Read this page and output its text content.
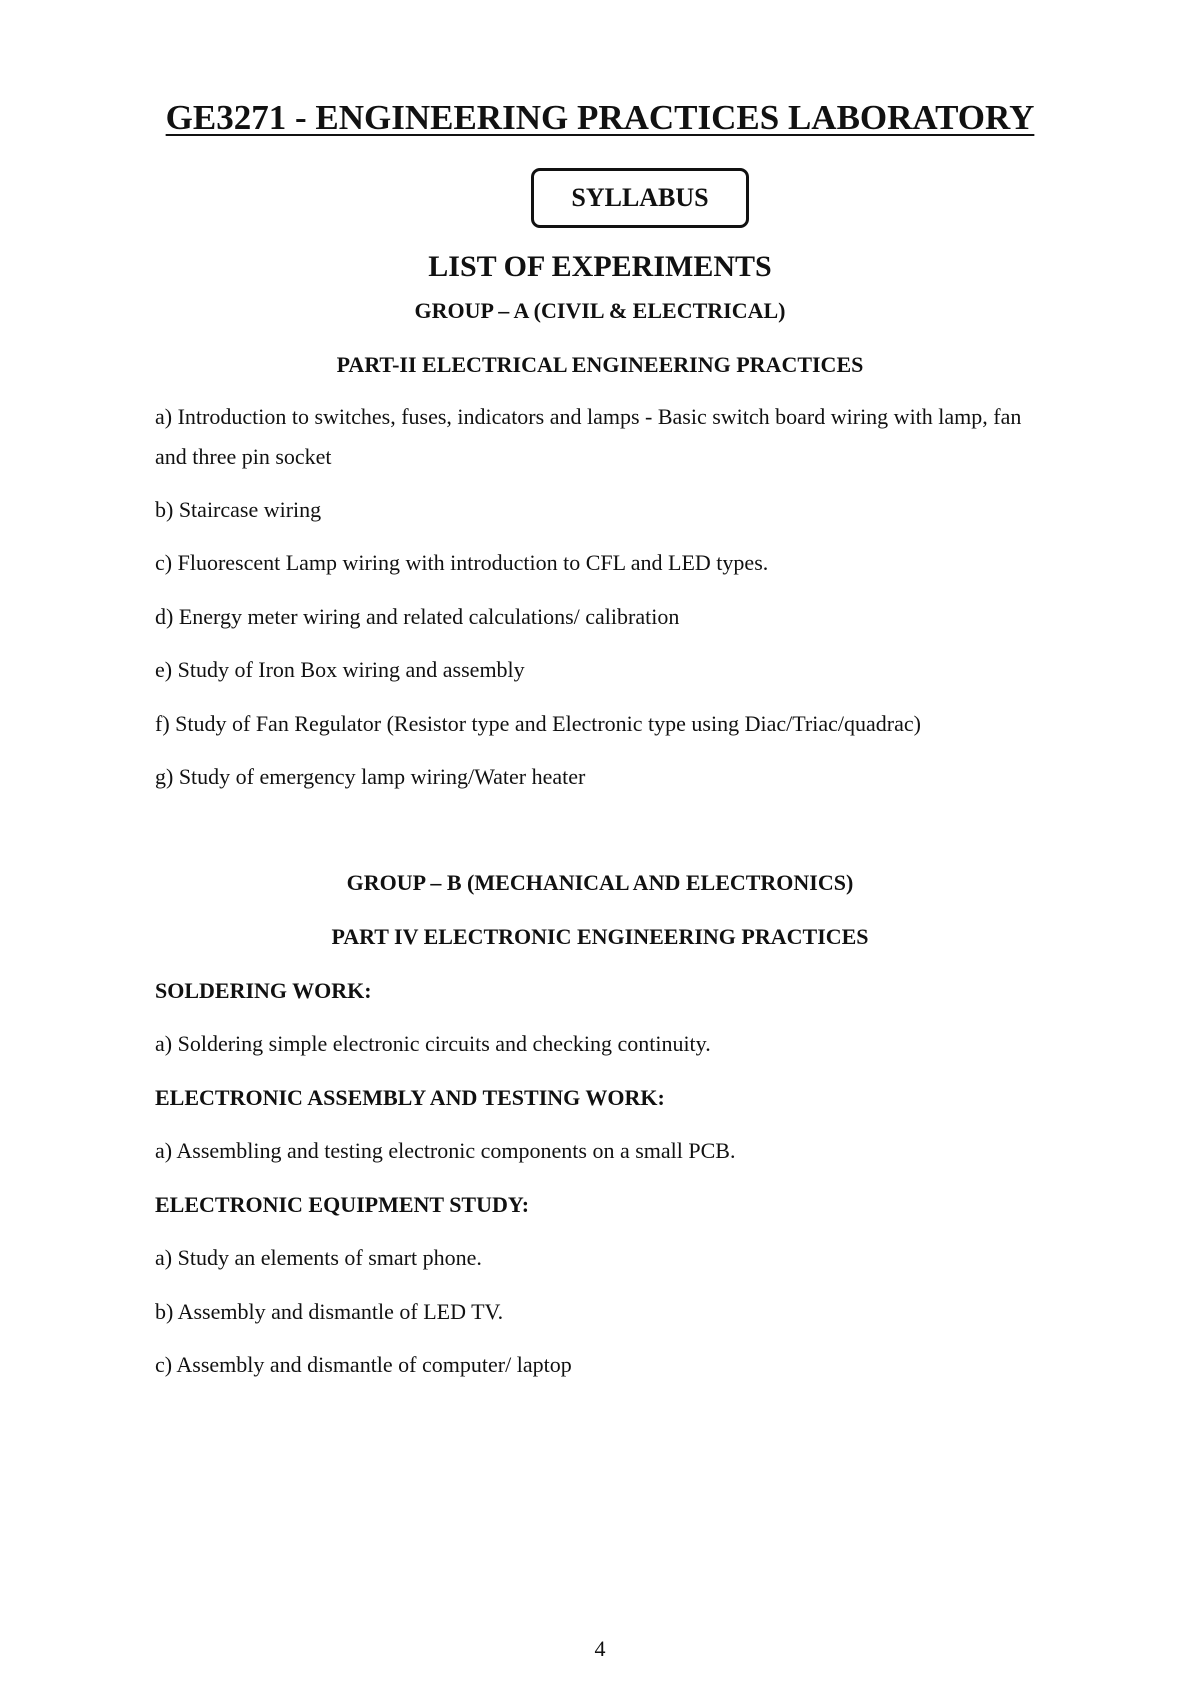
GE3271 - ENGINEERING PRACTICES LABORATORY
SYLLABUS
LIST OF EXPERIMENTS
GROUP – A (CIVIL & ELECTRICAL)
PART-II ELECTRICAL ENGINEERING PRACTICES
a) Introduction to switches, fuses, indicators and lamps - Basic switch board wiring with lamp, fan
and three pin socket
b) Staircase wiring
c) Fluorescent Lamp wiring with introduction to CFL and LED types.
d) Energy meter wiring and related calculations/ calibration
e) Study of Iron Box wiring and assembly
f) Study of Fan Regulator (Resistor type and Electronic type using Diac/Triac/quadrac)
g) Study of emergency lamp wiring/Water heater
GROUP – B (MECHANICAL AND ELECTRONICS)
PART IV ELECTRONIC ENGINEERING PRACTICES
SOLDERING WORK:
a) Soldering simple electronic circuits and checking continuity.
ELECTRONIC ASSEMBLY AND TESTING WORK:
a) Assembling and testing electronic components on a small PCB.
ELECTRONIC EQUIPMENT STUDY:
a) Study an elements of smart phone.
b) Assembly and dismantle of LED TV.
c) Assembly and dismantle of computer/ laptop
4
